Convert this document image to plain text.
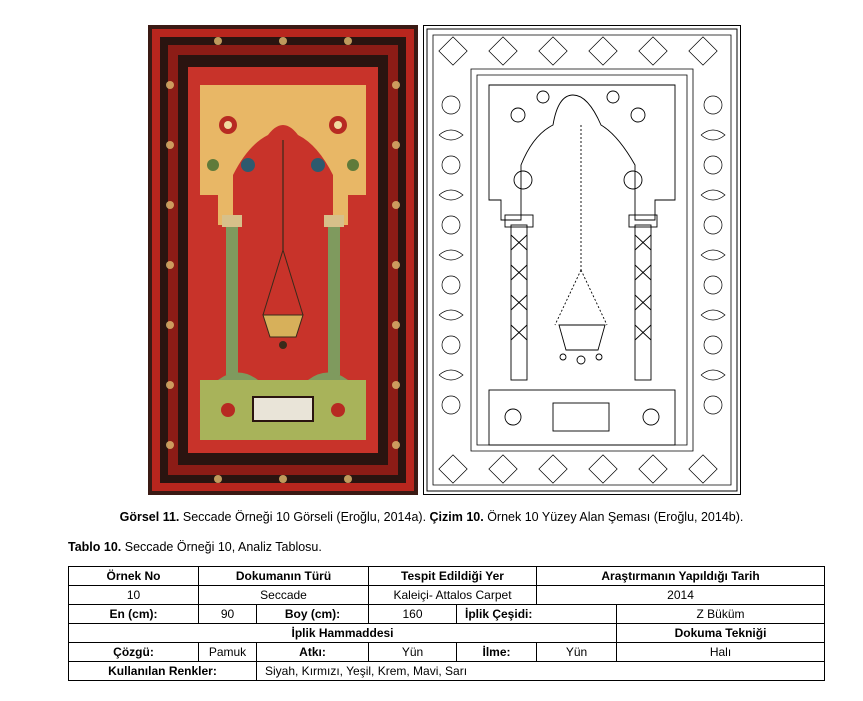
Görsel 11. Seccade Örneği 10 Görseli (Eroğlu, 2014a). Çizim 10. Örnek 10 Yüzey Alan Şeması (Eroğlu, 2014b).
Tablo 10. Seccade Örneği 10, Analiz Tablosu.
Örnek No	Dokumanın Türü		Tespit Edildiği Yer		Araştırmanın Yapıldığı Tarih	
10	Seccade		Kaleiçi- Attalos Carpet		2014	
En (cm):	90	Boy (cm):	160	İplik Çeşidi:		Z Büküm
İplik Hammaddesi						Dokuma Tekniği
Çözgü:	Pamuk	Atkı:	Yün	İlme:	Yün	Halı
Kullanılan Renkler:		Siyah, Kırmızı, Yeşil, Krem, Mavi, Sarı				
